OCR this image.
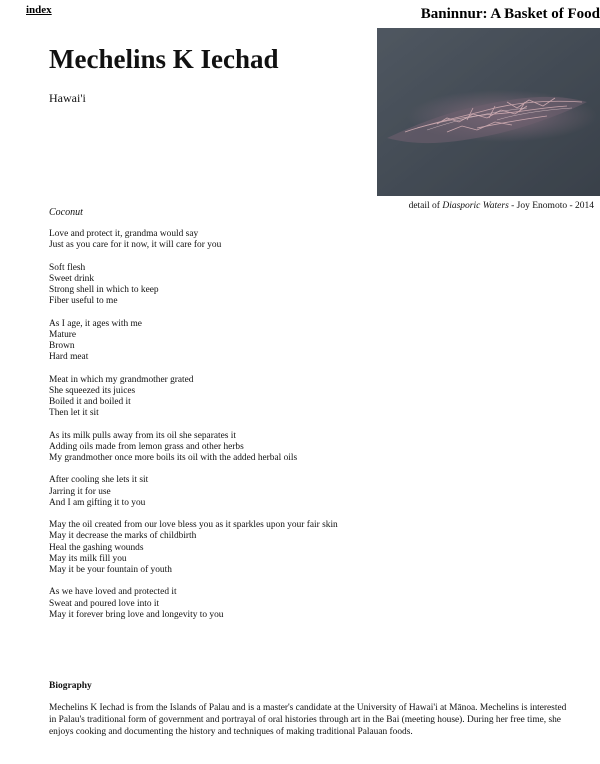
index	Baninnur: A Basket of Food
Mechelins K Iechad
Hawai'i
detail of Diasporic Waters - Joy Enomoto - 2014
Coconut
Love and protect it, grandma would say
Just as you care for it now, it will care for you
Soft flesh
Sweet drink
Strong shell in which to keep
Fiber useful to me
As I age, it ages with me
Mature
Brown
Hard meat
Meat in which my grandmother grated
She squeezed its juices
Boiled it and boiled it
Then let it sit
As its milk pulls away from its oil she separates it
Adding oils made from lemon grass and other herbs
My grandmother once more boils its oil with the added herbal oils
After cooling she lets it sit
Jarring it for use
And I am gifting it to you
May the oil created from our love bless you as it sparkles upon your fair skin
May it decrease the marks of childbirth
Heal the gashing wounds
May its milk fill you
May it be your fountain of youth
As we have loved and protected it
Sweat and poured love into it
May it forever bring love and longevity to you
Biography
Mechelins K Iechad is from the Islands of Palau and is a master's candidate at the University of Hawai'i at Mānoa. Mechelins is interested in Palau's traditional form of government and portrayal of oral histories through art in the Bai (meeting house). During her free time, she enjoys cooking and documenting the history and techniques of making traditional Palauan foods.
